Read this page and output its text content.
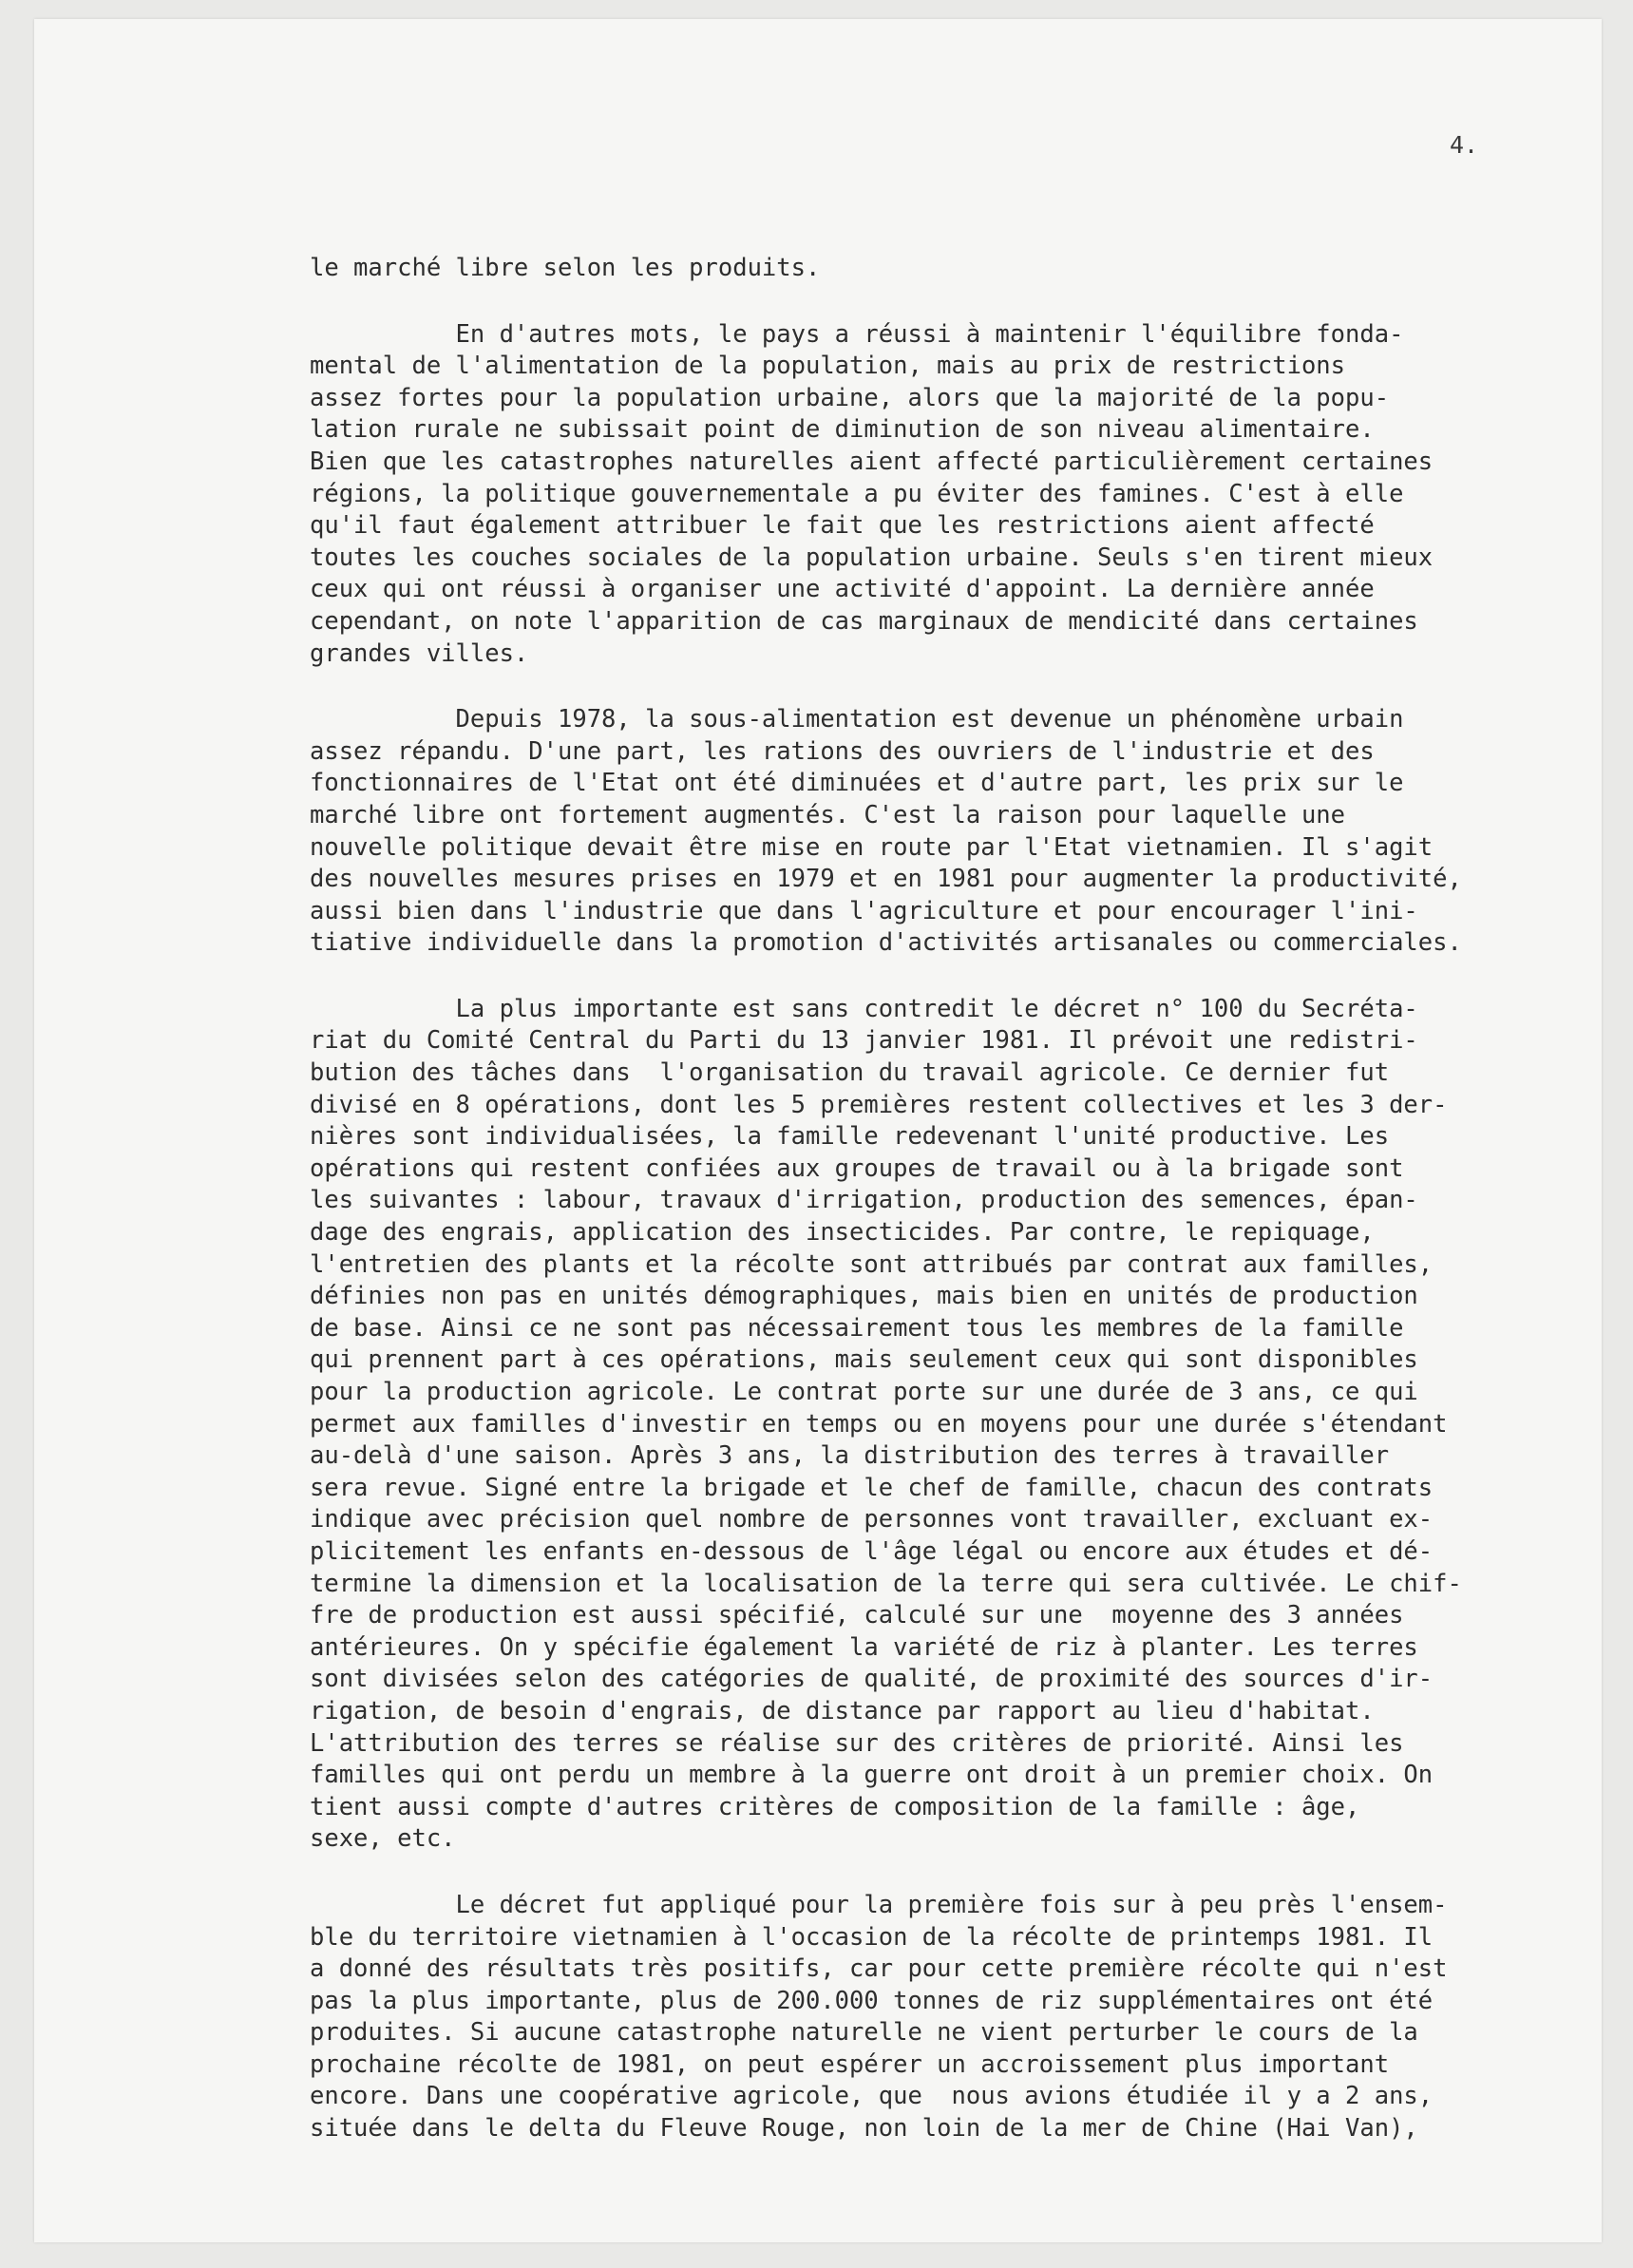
4.
le marché libre selon les produits.
En d'autres mots, le pays a réussi à maintenir l'équilibre fonda-
mental de l'alimentation de la population, mais au prix de restrictions
assez fortes pour la population urbaine, alors que la majorité de la popu-
lation rurale ne subissait point de diminution de son niveau alimentaire.
Bien que les catastrophes naturelles aient affecté particulièrement certaines
régions, la politique gouvernementale a pu éviter des famines. C'est à elle
qu'il faut également attribuer le fait que les restrictions aient affecté
toutes les couches sociales de la population urbaine. Seuls s'en tirent mieux
ceux qui ont réussi à organiser une activité d'appoint. La dernière année
cependant, on note l'apparition de cas marginaux de mendicité dans certaines
grandes villes.
Depuis 1978, la sous-alimentation est devenue un phénomène urbain
assez répandu. D'une part, les rations des ouvriers de l'industrie et des
fonctionnaires de l'Etat ont été diminuées et d'autre part, les prix sur le
marché libre ont fortement augmentés. C'est la raison pour laquelle une
nouvelle politique devait être mise en route par l'Etat vietnamien. Il s'agit
des nouvelles mesures prises en 1979 et en 1981 pour augmenter la productivité,
aussi bien dans l'industrie que dans l'agriculture et pour encourager l'ini-
tiative individuelle dans la promotion d'activités artisanales ou commerciales.
La plus importante est sans contredit le décret n° 100 du Secréta-
riat du Comité Central du Parti du 13 janvier 1981. Il prévoit une redistri-
bution des tâches dans  l'organisation du travail agricole. Ce dernier fut
divisé en 8 opérations, dont les 5 premières restent collectives et les 3 der-
nières sont individualisées, la famille redevenant l'unité productive. Les
opérations qui restent confiées aux groupes de travail ou à la brigade sont
les suivantes : labour, travaux d'irrigation, production des semences, épan-
dage des engrais, application des insecticides. Par contre, le repiquage,
l'entretien des plants et la récolte sont attribués par contrat aux familles,
définies non pas en unités démographiques, mais bien en unités de production
de base. Ainsi ce ne sont pas nécessairement tous les membres de la famille
qui prennent part à ces opérations, mais seulement ceux qui sont disponibles
pour la production agricole. Le contrat porte sur une durée de 3 ans, ce qui
permet aux familles d'investir en temps ou en moyens pour une durée s'étendant
au-delà d'une saison. Après 3 ans, la distribution des terres à travailler
sera revue. Signé entre la brigade et le chef de famille, chacun des contrats
indique avec précision quel nombre de personnes vont travailler, excluant ex-
plicitement les enfants en-dessous de l'âge légal ou encore aux études et dé-
termine la dimension et la localisation de la terre qui sera cultivée. Le chif-
fre de production est aussi spécifié, calculé sur une  moyenne des 3 années
antérieures. On y spécifie également la variété de riz à planter. Les terres
sont divisées selon des catégories de qualité, de proximité des sources d'ir-
rigation, de besoin d'engrais, de distance par rapport au lieu d'habitat.
L'attribution des terres se réalise sur des critères de priorité. Ainsi les
familles qui ont perdu un membre à la guerre ont droit à un premier choix. On
tient aussi compte d'autres critères de composition de la famille : âge,
sexe, etc.
Le décret fut appliqué pour la première fois sur à peu près l'ensem-
ble du territoire vietnamien à l'occasion de la récolte de printemps 1981. Il
a donné des résultats très positifs, car pour cette première récolte qui n'est
pas la plus importante, plus de 200.000 tonnes de riz supplémentaires ont été
produites. Si aucune catastrophe naturelle ne vient perturber le cours de la
prochaine récolte de 1981, on peut espérer un accroissement plus important
encore. Dans une coopérative agricole, que  nous avions étudiée il y a 2 ans,
située dans le delta du Fleuve Rouge, non loin de la mer de Chine (Hai Van),
